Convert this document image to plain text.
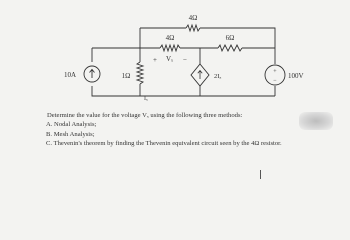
4Ω
4Ω	6Ω
+ Vₓ −
1Ω
Iₓ
10A	2Iₓ
+
−
100V

Determine the value for the voltage Vₓ using the following three methods:

A. Nodal Analysis;

B. Mesh Analysis;

C. Thevenin's theorem by finding the Thevenin equivalent circuit seen by the 4Ω resistor.
